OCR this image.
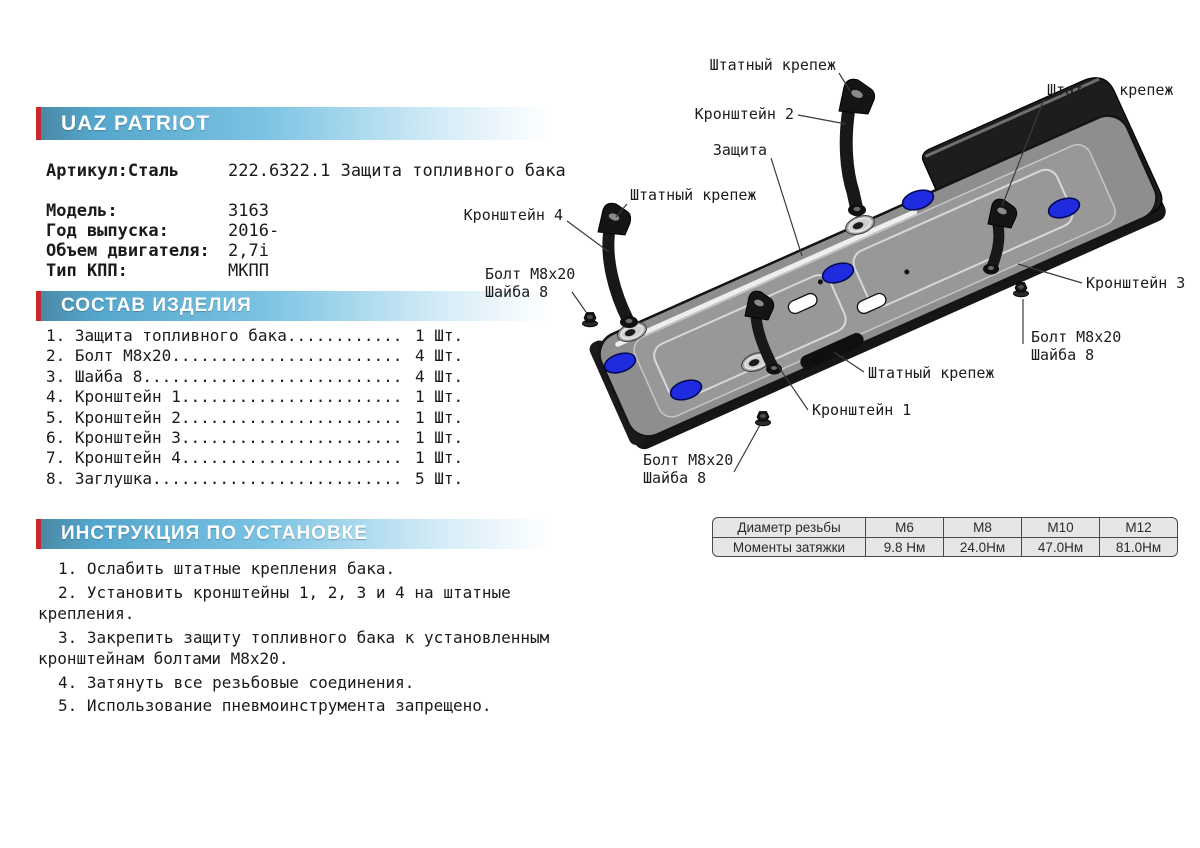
UAZ PATRIOT
Артикул:Сталь	222.6322.1 Защита топливного бака
Модель:	3163
Год выпуска:	2016-
Объем двигателя: 2,7i
Тип КПП:	МКПП
СОСТАВ ИЗДЕЛИЯ
1. Защита топливного бака............ 1 Шт.
2. Болт М8х20........................ 4 Шт.
3. Шайба 8........................... 4 Шт.
4. Кронштейн 1....................... 1 Шт.
5. Кронштейн 2....................... 1 Шт.
6. Кронштейн 3....................... 1 Шт.
7. Кронштейн 4....................... 1 Шт.
8. Заглушка.......................... 5 Шт.
ИНСТРУКЦИЯ ПО УСТАНОВКЕ

1. Ослабить штатные крепления бака.

2. Установить кронштейны 1, 2, 3 и 4 на штатные крепления.

3. Закрепить защиту топливного бака к установленным кронштейнам болтами М8х20.

4. Затянуть все резьбовые соединения.

5. Использование пневмоинструмента запрещено.

Диаметр резьбы	М6	М8	М10	М12
Моменты затяжки	9.8 Нм	24.0Нм	47.0Нм	81.0Нм
Штатный крепеж
Кронштейн 2
Штатный крепеж
Защита
Штатный крепеж
Кронштейн 4
Болт М8х20
Шайба 8	Кронштейн 3
Болт М8х20
Шайба 8
Штатный крепеж
Кронштейн 1
Болт М8х20
Шайба 8
